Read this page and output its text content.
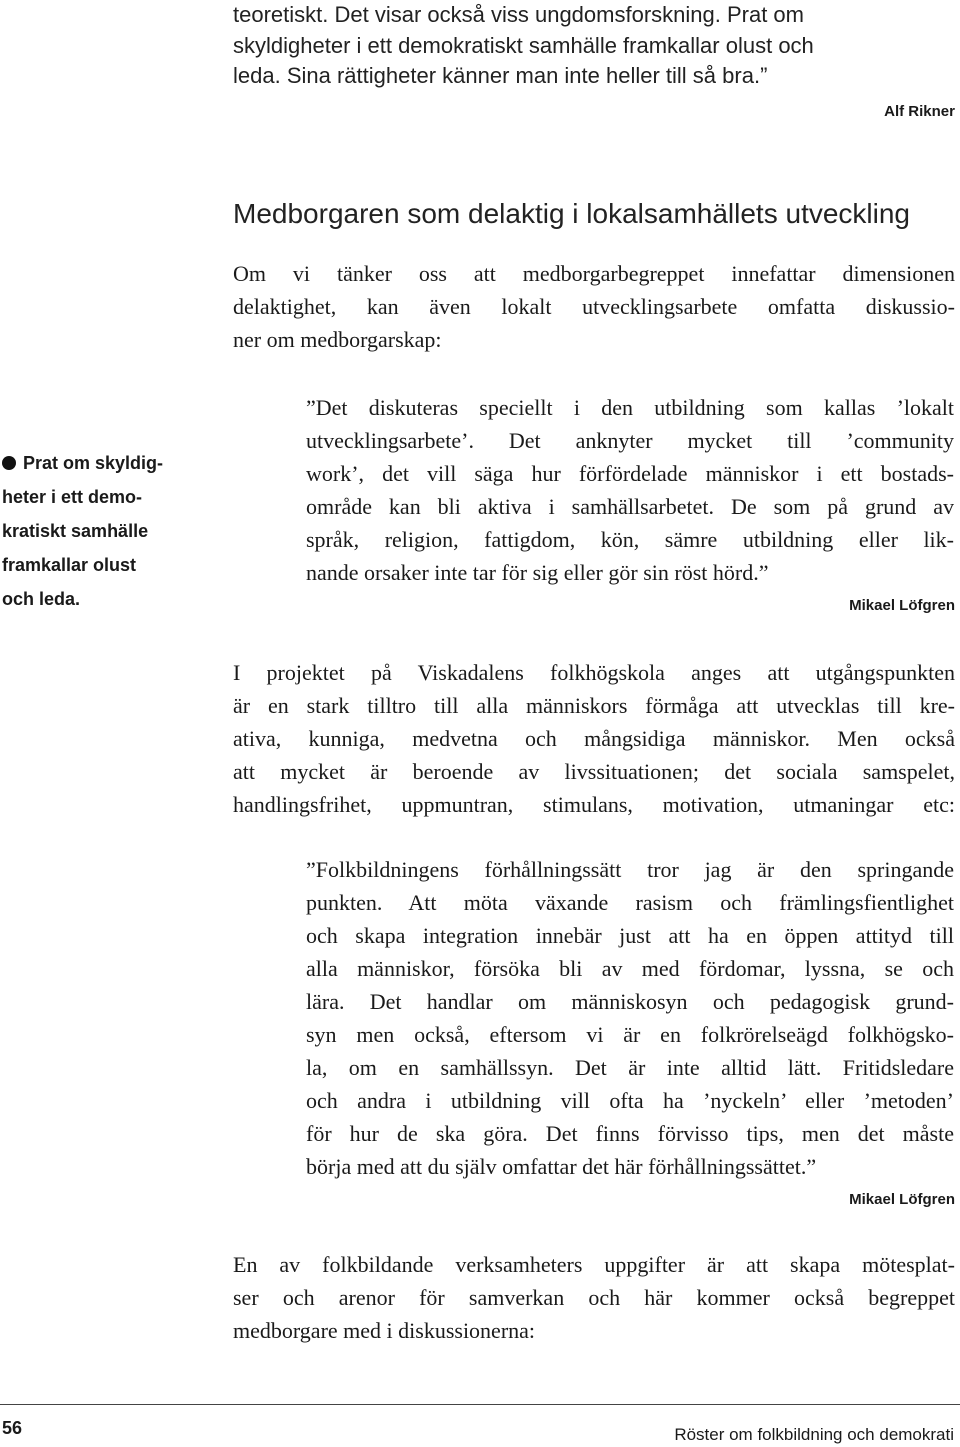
teoretiskt. Det visar också viss ungdomsforskning. Prat om
skyldigheter i ett demokratiskt samhälle framkallar olust och
leda. Sina rättigheter känner man inte heller till så bra.”
Alf Rikner
Medborgaren som delaktig i lokalsamhällets utveckling
Om vi tänker oss att medborgarbegreppet innefattar dimensionen
delaktighet, kan även lokalt utvecklingsarbete omfatta diskussio-
ner om medborgarskap:
Prat om skyldig-
heter i ett demo-
kratiskt samhälle
framkallar olust
och leda.
”Det diskuteras speciellt i den utbildning som kallas ’lokalt
utvecklingsarbete’. Det anknyter mycket till ’community
work’, det vill säga hur förfördelade människor i ett bostads-
område kan bli aktiva i samhällsarbetet. De som på grund av
språk, religion, fattigdom, kön, sämre utbildning eller lik-
nande orsaker inte tar för sig eller gör sin röst hörd.”
Mikael Löfgren
I projektet på Viskadalens folkhögskola anges att utgångspunkten
är en stark tilltro till alla människors förmåga att utvecklas till kre-
ativa, kunniga, medvetna och mångsidiga människor. Men också
att mycket är beroende av livssituationen; det sociala samspelet,
handlingsfrihet, uppmuntran, stimulans, motivation, utmaningar etc:
”Folkbildningens förhållningssätt tror jag är den springande
punkten. Att möta växande rasism och främlingsfientlighet
och skapa integration innebär just att ha en öppen attityd till
alla människor, försöka bli av med fördomar, lyssna, se och
lära. Det handlar om människosyn och pedagogisk grund-
syn men också, eftersom vi är en folkrörelseägd folkhögsko-
la, om en samhällssyn. Det är inte alltid lätt. Fritidsledare
och andra i utbildning vill ofta ha ’nyckeln’ eller ’metoden’
för hur de ska göra. Det finns förvisso tips, men det måste
börja med att du själv omfattar det här förhållningssättet.”
Mikael Löfgren
En av folkbildande verksamheters uppgifter är att skapa mötesplat-
ser och arenor för samverkan och här kommer också begreppet
medborgare med i diskussionerna:
56	Röster om folkbildning och demokrati
